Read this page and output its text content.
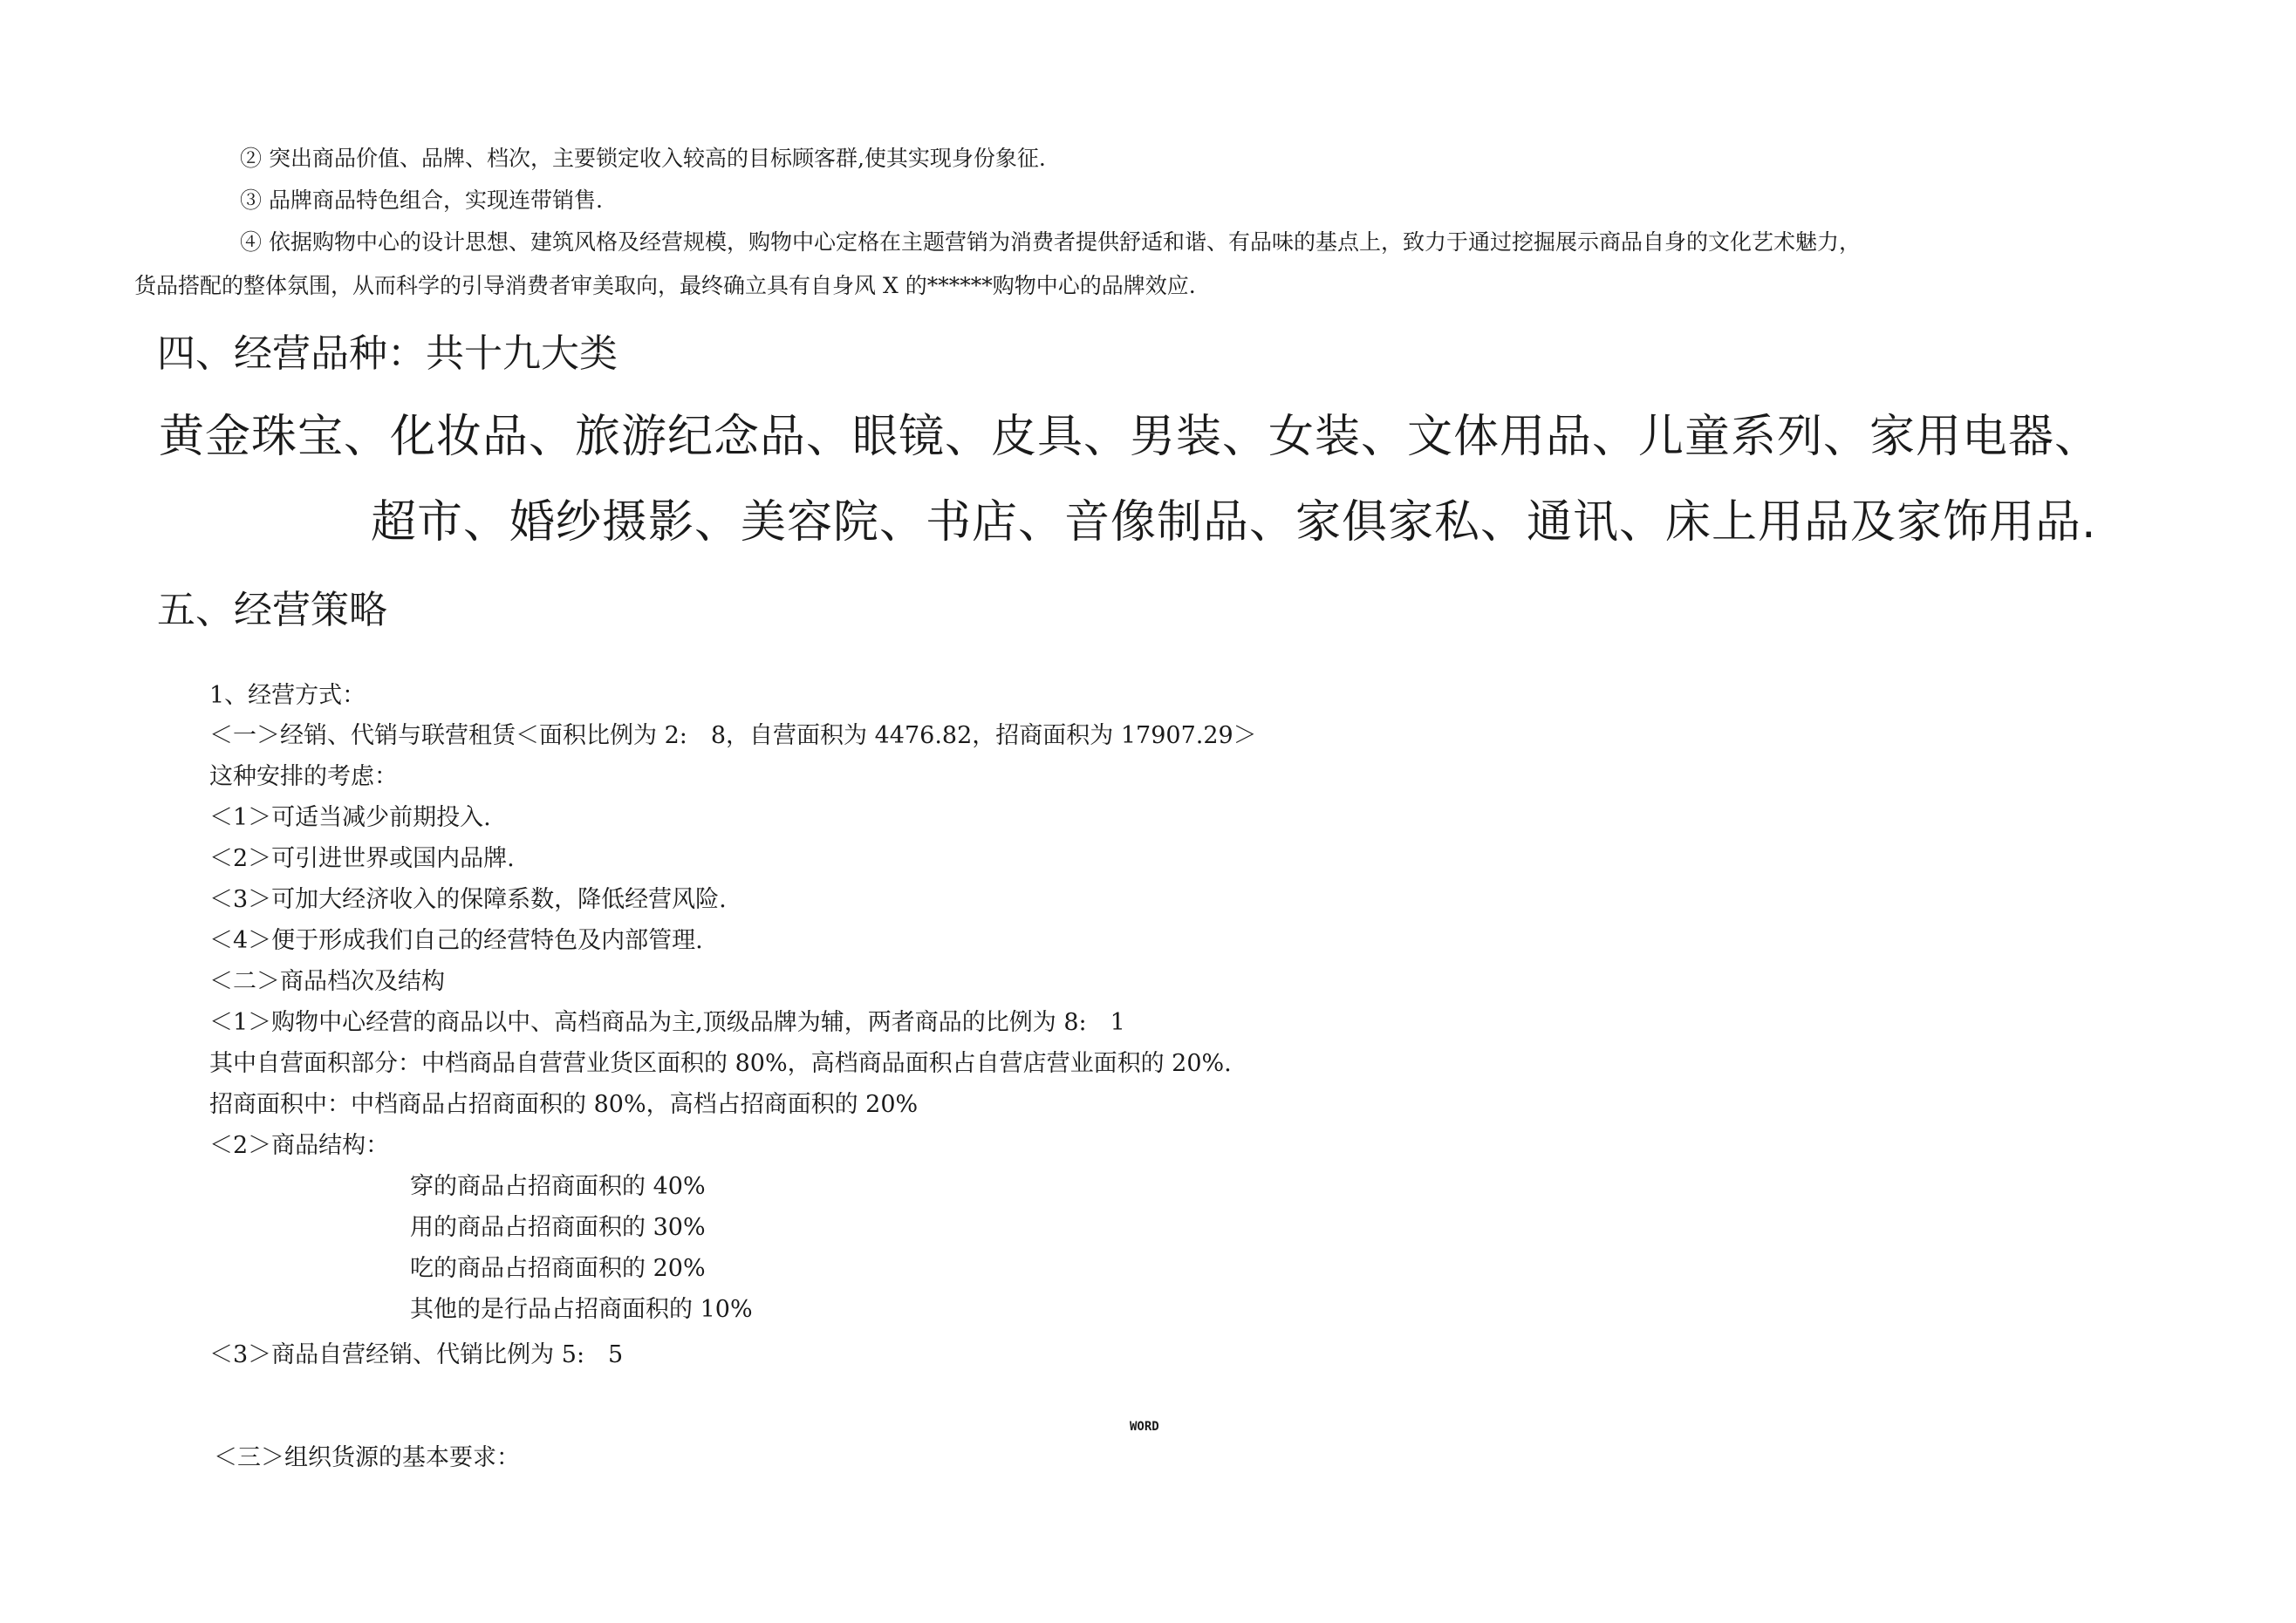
② 突出商品价值、品牌、档次，主要锁定收入较高的目标顾客群,使其实现身份象征.
③ 品牌商品特色组合，实现连带销售.
④ 依据购物中心的设计思想、建筑风格及经营规模，购物中心定格在主题营销为消费者提供舒适和谐、有品味的基点上，致力于通过挖掘展示商品自身的文化艺术魅力，
货品搭配的整体氛围，从而科学的引导消费者审美取向，最终确立具有自身风 X 的******购物中心的品牌效应.
四、经营品种：共十九大类
黄金珠宝、化妆品、旅游纪念品、眼镜、皮具、男装、女装、文体用品、儿童系列、家用电器、
超市、婚纱摄影、美容院、书店、音像制品、家俱家私、通讯、床上用品及家饰用品.
五、经营策略
1、经营方式：
＜一＞经销、代销与联营租赁＜面积比例为 2:　8，自营面积为 4476.82，招商面积为 17907.29＞
这种安排的考虑：
＜1＞可适当减少前期投入.
＜2＞可引进世界或国内品牌.
＜3＞可加大经济收入的保障系数，降低经营风险.
＜4＞便于形成我们自己的经营特色及内部管理.
＜二＞商品档次及结构
＜1＞购物中心经营的商品以中、高档商品为主,顶级品牌为辅，两者商品的比例为 8:　1
其中自营面积部分：中档商品自营营业货区面积的 80%，高档商品面积占自营店营业面积的 20%.
招商面积中：中档商品占招商面积的 80%，高档占招商面积的 20%
＜2＞商品结构：
穿的商品占招商面积的 40%
用的商品占招商面积的 30%
吃的商品占招商面积的 20%
其他的是行品占招商面积的 10%
＜3＞商品自营经销、代销比例为 5:　5
WORD
＜三＞组织货源的基本要求：
